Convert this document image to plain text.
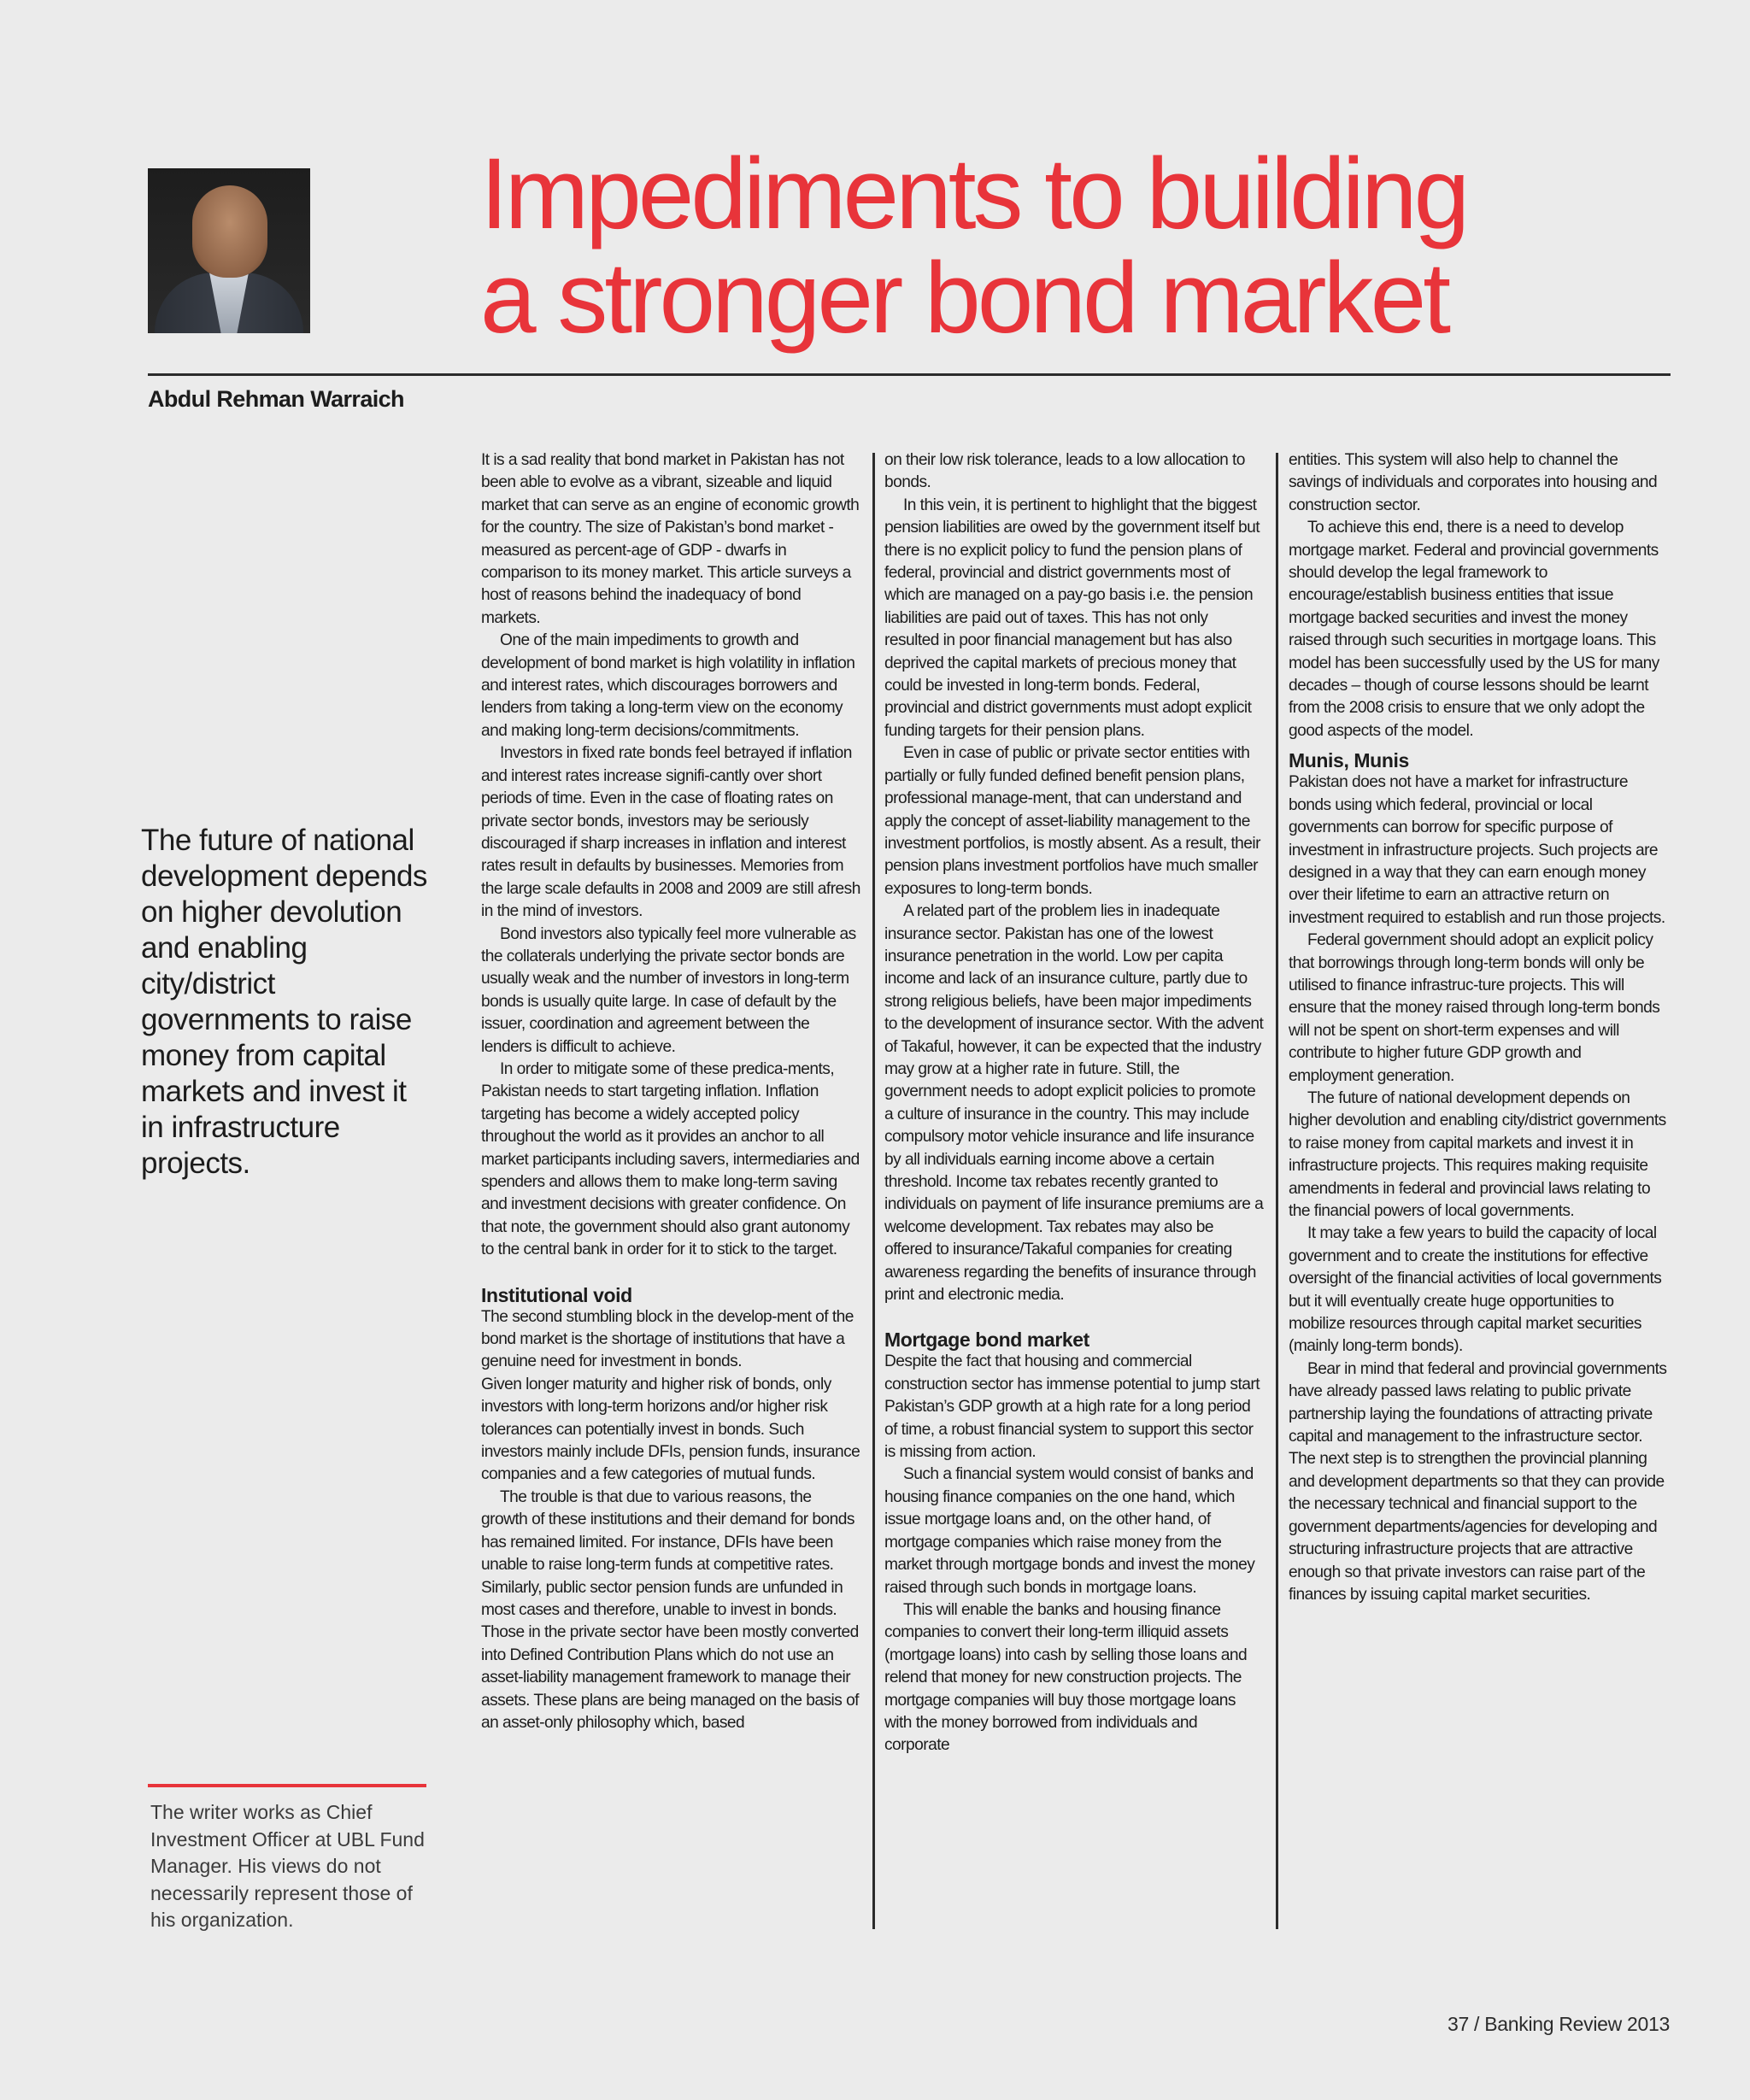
Impediments to building
a stronger bond market
Abdul Rehman Warraich
The future of national development depends on higher devolution and enabling city/district governments to raise money from capital markets and invest it in infrastructure projects.
The writer works as Chief Investment Officer at UBL Fund Manager. His views do not necessarily represent those of his organization.

It is a sad reality that bond market in Pakistan has not been able to evolve as a vibrant, sizeable and liquid market that can serve as an engine of economic growth for the country. The size of Pakistan’s bond market - measured as percent-age of GDP - dwarfs in comparison to its money market. This article surveys a host of reasons behind the inadequacy of bond markets.

One of the main impediments to growth and development of bond market is high volatility in inflation and interest rates, which discourages borrowers and lenders from taking a long-term view on the economy and making long-term decisions/commitments.

Investors in fixed rate bonds feel betrayed if inflation and interest rates increase signifi-cantly over short periods of time. Even in the case of floating rates on private sector bonds, investors may be seriously discouraged if sharp increases in inflation and interest rates result in defaults by businesses. Memories from the large scale defaults in 2008 and 2009 are still afresh in the mind of investors.

Bond investors also typically feel more vulnerable as the collaterals underlying the private sector bonds are usually weak and the number of investors in long-term bonds is usually quite large. In case of default by the issuer, coordination and agreement between the lenders is difficult to achieve.

In order to mitigate some of these predica-ments, Pakistan needs to start targeting inflation. Inflation targeting has become a widely accepted policy throughout the world as it provides an anchor to all market participants including savers, intermediaries and spenders and allows them to make long-term saving and investment decisions with greater confidence. On that note, the government should also grant autonomy to the central bank in order for it to stick to the target.

Institutional void

The second stumbling block in the develop-ment of the bond market is the shortage of institutions that have a genuine need for investment in bonds.

Given longer maturity and higher risk of bonds, only investors with long-term horizons and/or higher risk tolerances can potentially invest in bonds. Such investors mainly include DFIs, pension funds, insurance companies and a few categories of mutual funds.

The trouble is that due to various reasons, the growth of these institutions and their demand for bonds has remained limited. For instance, DFIs have been unable to raise long-term funds at competitive rates. Similarly, public sector pension funds are unfunded in most cases and therefore, unable to invest in bonds. Those in the private sector have been mostly converted into Defined Contribution Plans which do not use an asset-liability management framework to manage their assets. These plans are being managed on the basis of an asset-only philosophy which, based

on their low risk tolerance, leads to a low allocation to bonds.

In this vein, it is pertinent to highlight that the biggest pension liabilities are owed by the government itself but there is no explicit policy to fund the pension plans of federal, provincial and district governments most of which are managed on a pay-go basis i.e. the pension liabilities are paid out of taxes. This has not only resulted in poor financial management but has also deprived the capital markets of precious money that could be invested in long-term bonds. Federal, provincial and district governments must adopt explicit funding targets for their pension plans.

Even in case of public or private sector entities with partially or fully funded defined benefit pension plans, professional manage-ment, that can understand and apply the concept of asset-liability management to the investment portfolios, is mostly absent. As a result, their pension plans investment portfolios have much smaller exposures to long-term bonds.

A related part of the problem lies in inadequate insurance sector. Pakistan has one of the lowest insurance penetration in the world. Low per capita income and lack of an insurance culture, partly due to strong religious beliefs, have been major impediments to the development of insurance sector. With the advent of Takaful, however, it can be expected that the industry may grow at a higher rate in future. Still, the government needs to adopt explicit policies to promote a culture of insurance in the country. This may include compulsory motor vehicle insurance and life insurance by all individuals earning income above a certain threshold. Income tax rebates recently granted to individuals on payment of life insurance premiums are a welcome development. Tax rebates may also be offered to insurance/Takaful companies for creating awareness regarding the benefits of insurance through print and electronic media.

Mortgage bond market

Despite the fact that housing and commercial construction sector has immense potential to jump start Pakistan’s GDP growth at a high rate for a long period of time, a robust financial system to support this sector is missing from action.

Such a financial system would consist of banks and housing finance companies on the one hand, which issue mortgage loans and, on the other hand, of mortgage companies which raise money from the market through mortgage bonds and invest the money raised through such bonds in mortgage loans.

This will enable the banks and housing finance companies to convert their long-term illiquid assets (mortgage loans) into cash by selling those loans and relend that money for new construction projects. The mortgage companies will buy those mortgage loans with the money borrowed from individuals and corporate

entities. This system will also help to channel the savings of individuals and corporates into housing and construction sector.

To achieve this end, there is a need to develop mortgage market. Federal and provincial governments should develop the legal framework to encourage/establish business entities that issue mortgage backed securities and invest the money raised through such securities in mortgage loans. This model has been successfully used by the US for many decades – though of course lessons should be learnt from the 2008 crisis to ensure that we only adopt the good aspects of the model.

Munis, Munis

Pakistan does not have a market for infrastructure bonds using which federal, provincial or local governments can borrow for specific purpose of investment in infrastructure projects. Such projects are designed in a way that they can earn enough money over their lifetime to earn an attractive return on investment required to establish and run those projects.

Federal government should adopt an explicit policy that borrowings through long-term bonds will only be utilised to finance infrastruc-ture projects. This will ensure that the money raised through long-term bonds will not be spent on short-term expenses and will contribute to higher future GDP growth and employment generation.

The future of national development depends on higher devolution and enabling city/district governments to raise money from capital markets and invest it in infrastructure projects. This requires making requisite amendments in federal and provincial laws relating to the financial powers of local governments.

It may take a few years to build the capacity of local government and to create the institutions for effective oversight of the financial activities of local governments but it will eventually create huge opportunities to mobilize resources through capital market securities (mainly long-term bonds).

Bear in mind that federal and provincial governments have already passed laws relating to public private partnership laying the foundations of attracting private capital and management to the infrastructure sector.

The next step is to strengthen the provincial planning and development departments so that they can provide the necessary technical and financial support to the government departments/agencies for developing and structuring infrastructure projects that are attractive enough so that private investors can raise part of the finances by issuing capital market securities.

37 / Banking Review 2013
